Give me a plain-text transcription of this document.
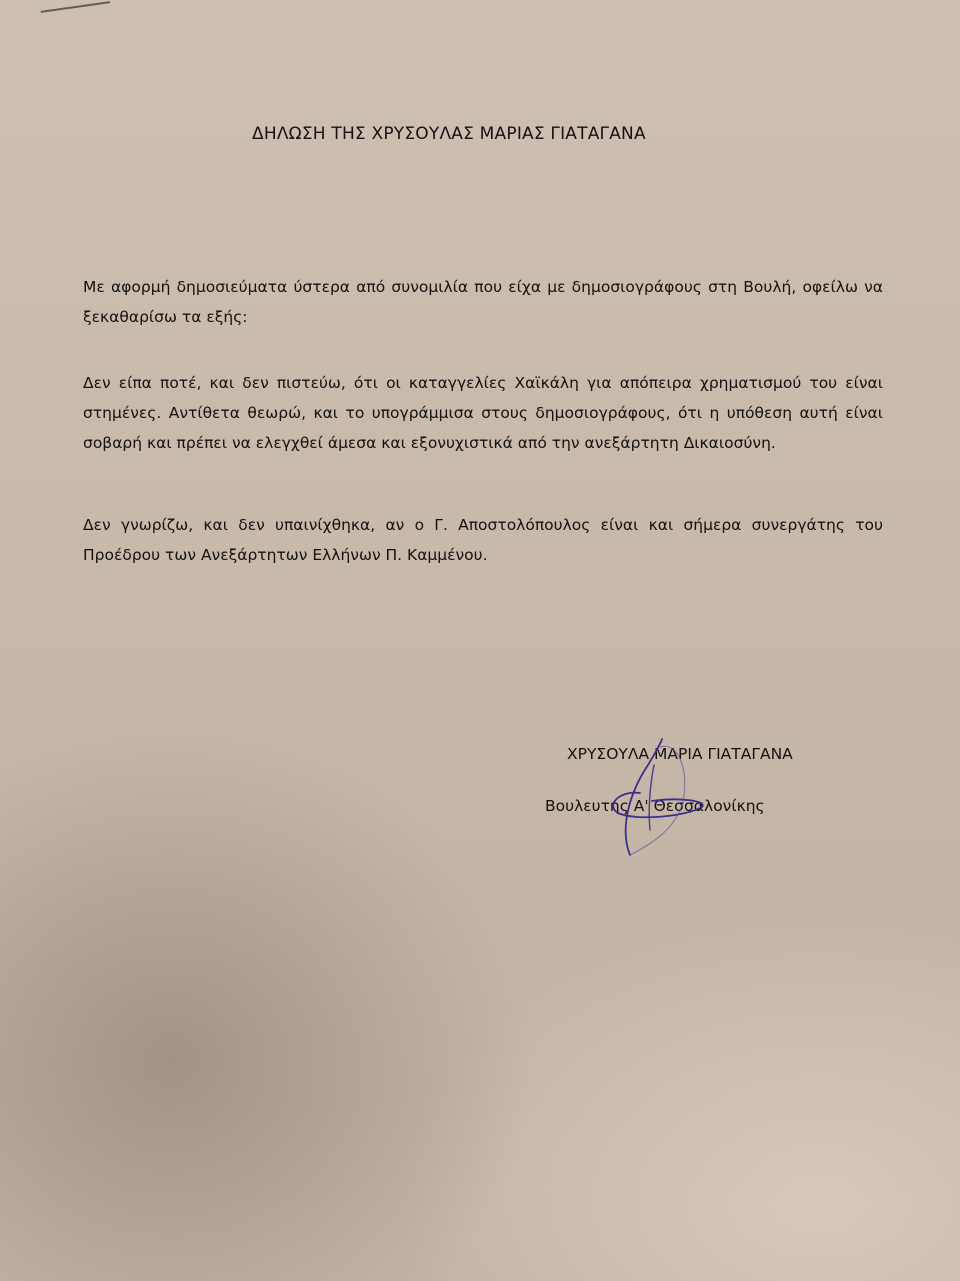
ΔΗΛΩΣΗ ΤΗΣ ΧΡΥΣΟΥΛΑΣ ΜΑΡΙΑΣ ΓΙΑΤΑΓΑΝΑ
Με αφορμή δημοσιεύματα ύστερα από συνομιλία που είχα με δημοσιογράφους στη Βουλή, οφείλω να ξεκαθαρίσω τα εξής:
Δεν είπα ποτέ, και δεν πιστεύω, ότι οι καταγγελίες Χαϊκάλη για απόπειρα χρηματισμού του είναι στημένες. Αντίθετα θεωρώ, και το υπογράμμισα στους δημοσιογράφους, ότι η υπόθεση αυτή είναι σοβαρή και πρέπει να ελεγχθεί άμεσα και εξονυχιστικά από την ανεξάρτητη Δικαιοσύνη.
Δεν γνωρίζω, και δεν υπαινίχθηκα, αν ο Γ. Αποστολόπουλος είναι και σήμερα συνεργάτης του Προέδρου των Ανεξάρτητων Ελλήνων Π. Καμμένου.
ΧΡΥΣΟΥΛΑ ΜΑΡΙΑ ΓΙΑΤΑΓΑΝΑ
Βουλευτής Α' Θεσσαλονίκης
